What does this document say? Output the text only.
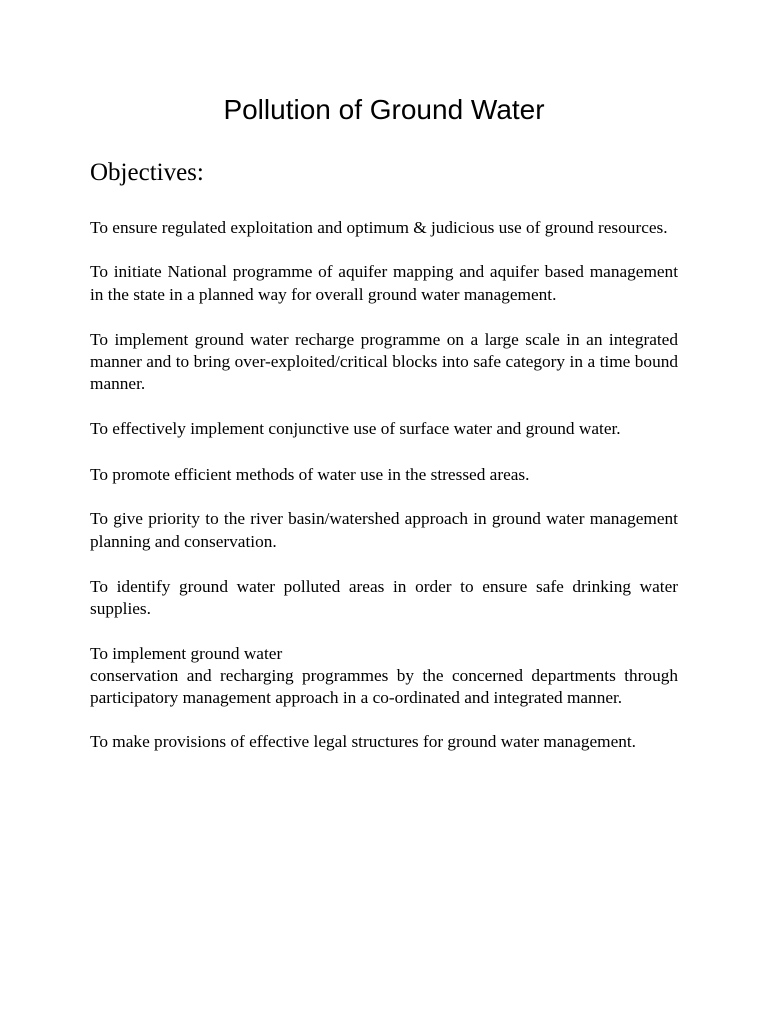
Pollution of Ground Water
Objectives:

To ensure regulated exploitation and optimum & judicious use of ground resources.

To initiate National programme of aquifer mapping and aquifer based management in the state in a planned way for overall ground water management.

To implement ground water recharge programme on a large scale in an integrated manner and to bring over-exploited/critical blocks into safe category in a time bound manner.

To effectively implement conjunctive use of surface water and ground water.

To promote efficient methods of water use in the stressed areas.

To give priority to the river basin/watershed approach in ground water management planning and conservation.

To identify ground water polluted areas in order to ensure safe drinking water supplies.

To implement ground water

conservation and recharging programmes by the concerned departments through participatory management approach in a co-ordinated and integrated manner.

To make provisions of effective legal structures for ground water management.
